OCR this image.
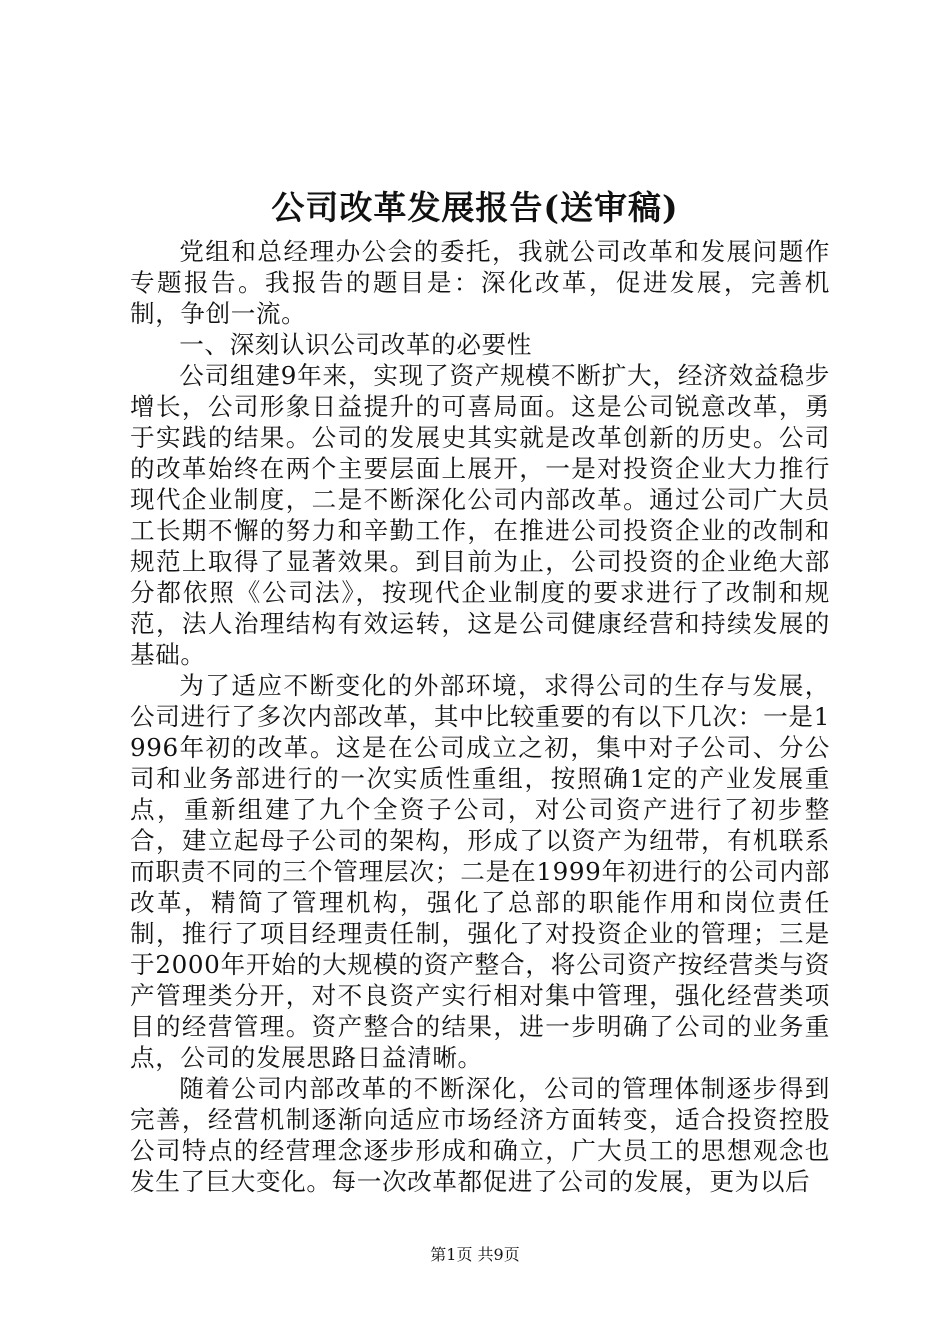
公司改革发展报告(送审稿)

党组和总经理办公会的委托，我就公司改革和发展问题作专题报告。我报告的题目是：深化改革，促进发展，完善机制，争创一流。

一、深刻认识公司改革的必要性

公司组建9年来，实现了资产规模不断扩大，经济效益稳步增长，公司形象日益提升的可喜局面。这是公司锐意改革，勇于实践的结果。公司的发展史其实就是改革创新的历史。公司的改革始终在两个主要层面上展开，一是对投资企业大力推行现代企业制度，二是不断深化公司内部改革。通过公司广大员工长期不懈的努力和辛勤工作，在推进公司投资企业的改制和规范上取得了显著效果。到目前为止，公司投资的企业绝大部分都依照《公司法》，按现代企业制度的要求进行了改制和规范，法人治理结构有效运转，这是公司健康经营和持续发展的基础。

为了适应不断变化的外部环境，求得公司的生存与发展，公司进行了多次内部改革，其中比较重要的有以下几次：一是1996年初的改革。这是在公司成立之初，集中对子公司、分公司和业务部进行的一次实质性重组，按照确1定的产业发展重点，重新组建了九个全资子公司，对公司资产进行了初步整合，建立起母子公司的架构，形成了以资产为纽带，有机联系而职责不同的三个管理层次；二是在1999年初进行的公司内部改革，精简了管理机构，强化了总部的职能作用和岗位责任制，推行了项目经理责任制，强化了对投资企业的管理；三是于2000年开始的大规模的资产整合，将公司资产按经营类与资产管理类分开，对不良资产实行相对集中管理，强化经营类项目的经营管理。资产整合的结果，进一步明确了公司的业务重点，公司的发展思路日益清晰。

随着公司内部改革的不断深化，公司的管理体制逐步得到完善，经营机制逐渐向适应市场经济方面转变，适合投资控股公司特点的经营理念逐步形成和确立，广大员工的思想观念也发生了巨大变化。每一次改革都促进了公司的发展，更为以后

第1页 共9页
